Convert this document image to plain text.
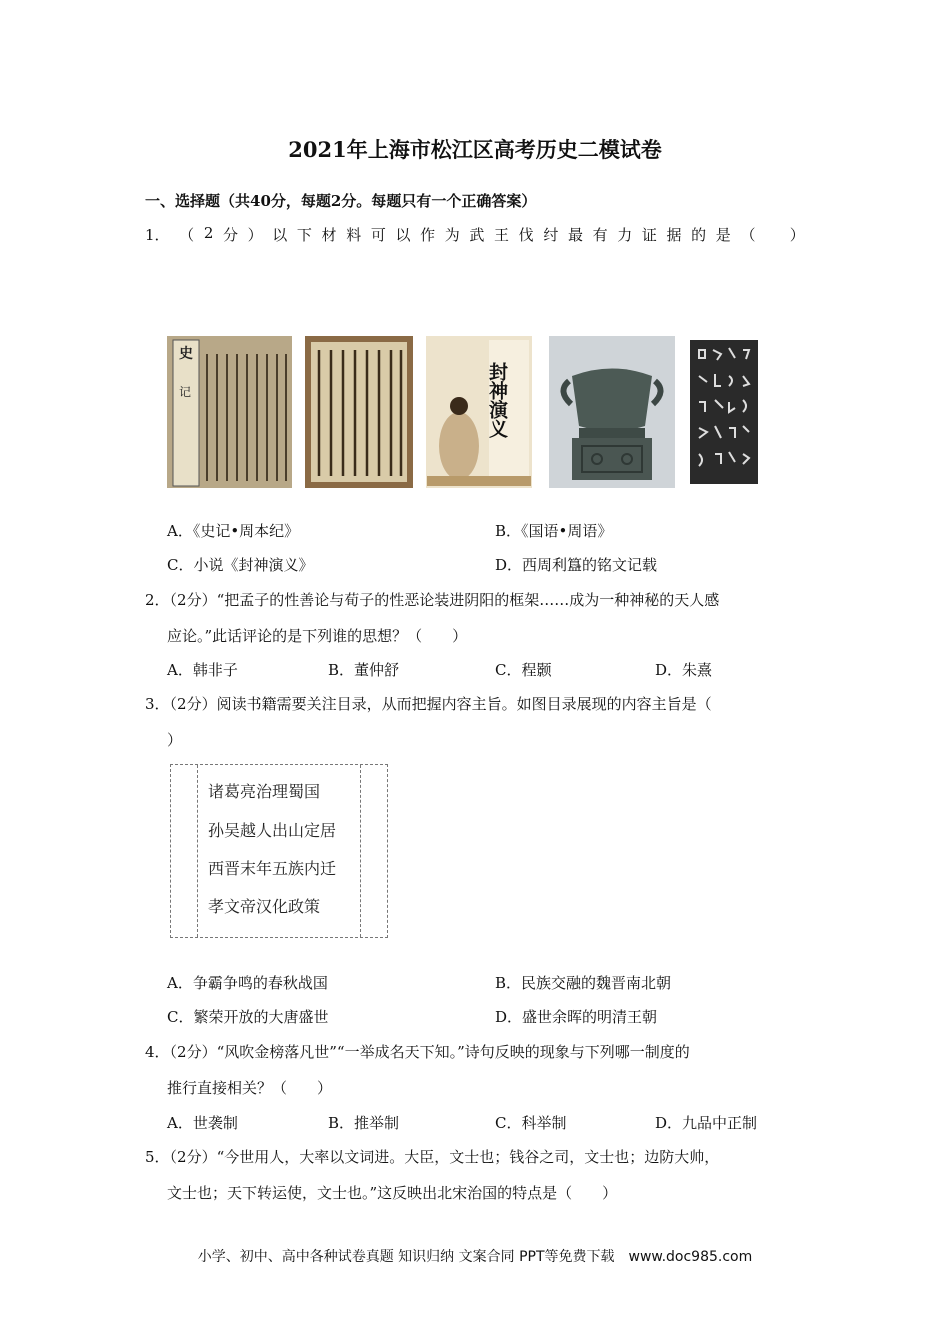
2021年上海市松江区高考历史二模试卷
一、选择题（共40分，每题2分。每题只有一个正确答案）
1． （ 2 分 ） 以 下 材 料 可 以 作 为 武 王 伐 纣 最 有 力 证 据 的 是 （
　 ）
史
记	封神演义
A．《史记•周本纪》	B．《国语•周语》
C．小说《封神演义》	D．西周利簋的铭文记载
2．（2分）“把孟子的性善论与荀子的性恶论装进阴阳的框架……成为一种神秘的天人感
应论。”此话评论的是下列谁的思想？（　　）
A．韩非子	B．董仲舒	C．程颢	D．朱熹
3．（2分）阅读书籍需要关注目录，从而把握内容主旨。如图目录展现的内容主旨是（
）
诸葛亮治理蜀国
孙吴越人出山定居
西晋末年五族内迁
孝文帝汉化政策
A．争霸争鸣的春秋战国	B．民族交融的魏晋南北朝
C．繁荣开放的大唐盛世	D．盛世余晖的明清王朝
4．（2分）“风吹金榜落凡世”“一举成名天下知。”诗句反映的现象与下列哪一制度的
推行直接相关？（　　）
A．世袭制	B．推举制	C．科举制	D．九品中正制
5．（2分）“今世用人，大率以文词进。大臣，文士也；钱谷之司，文士也；边防大帅，
文士也；天下转运使，文士也。”这反映出北宋治国的特点是（　　）
小学、初中、高中各种试卷真题 知识归纳 文案合同 PPT等免费下载　www.doc985.com
